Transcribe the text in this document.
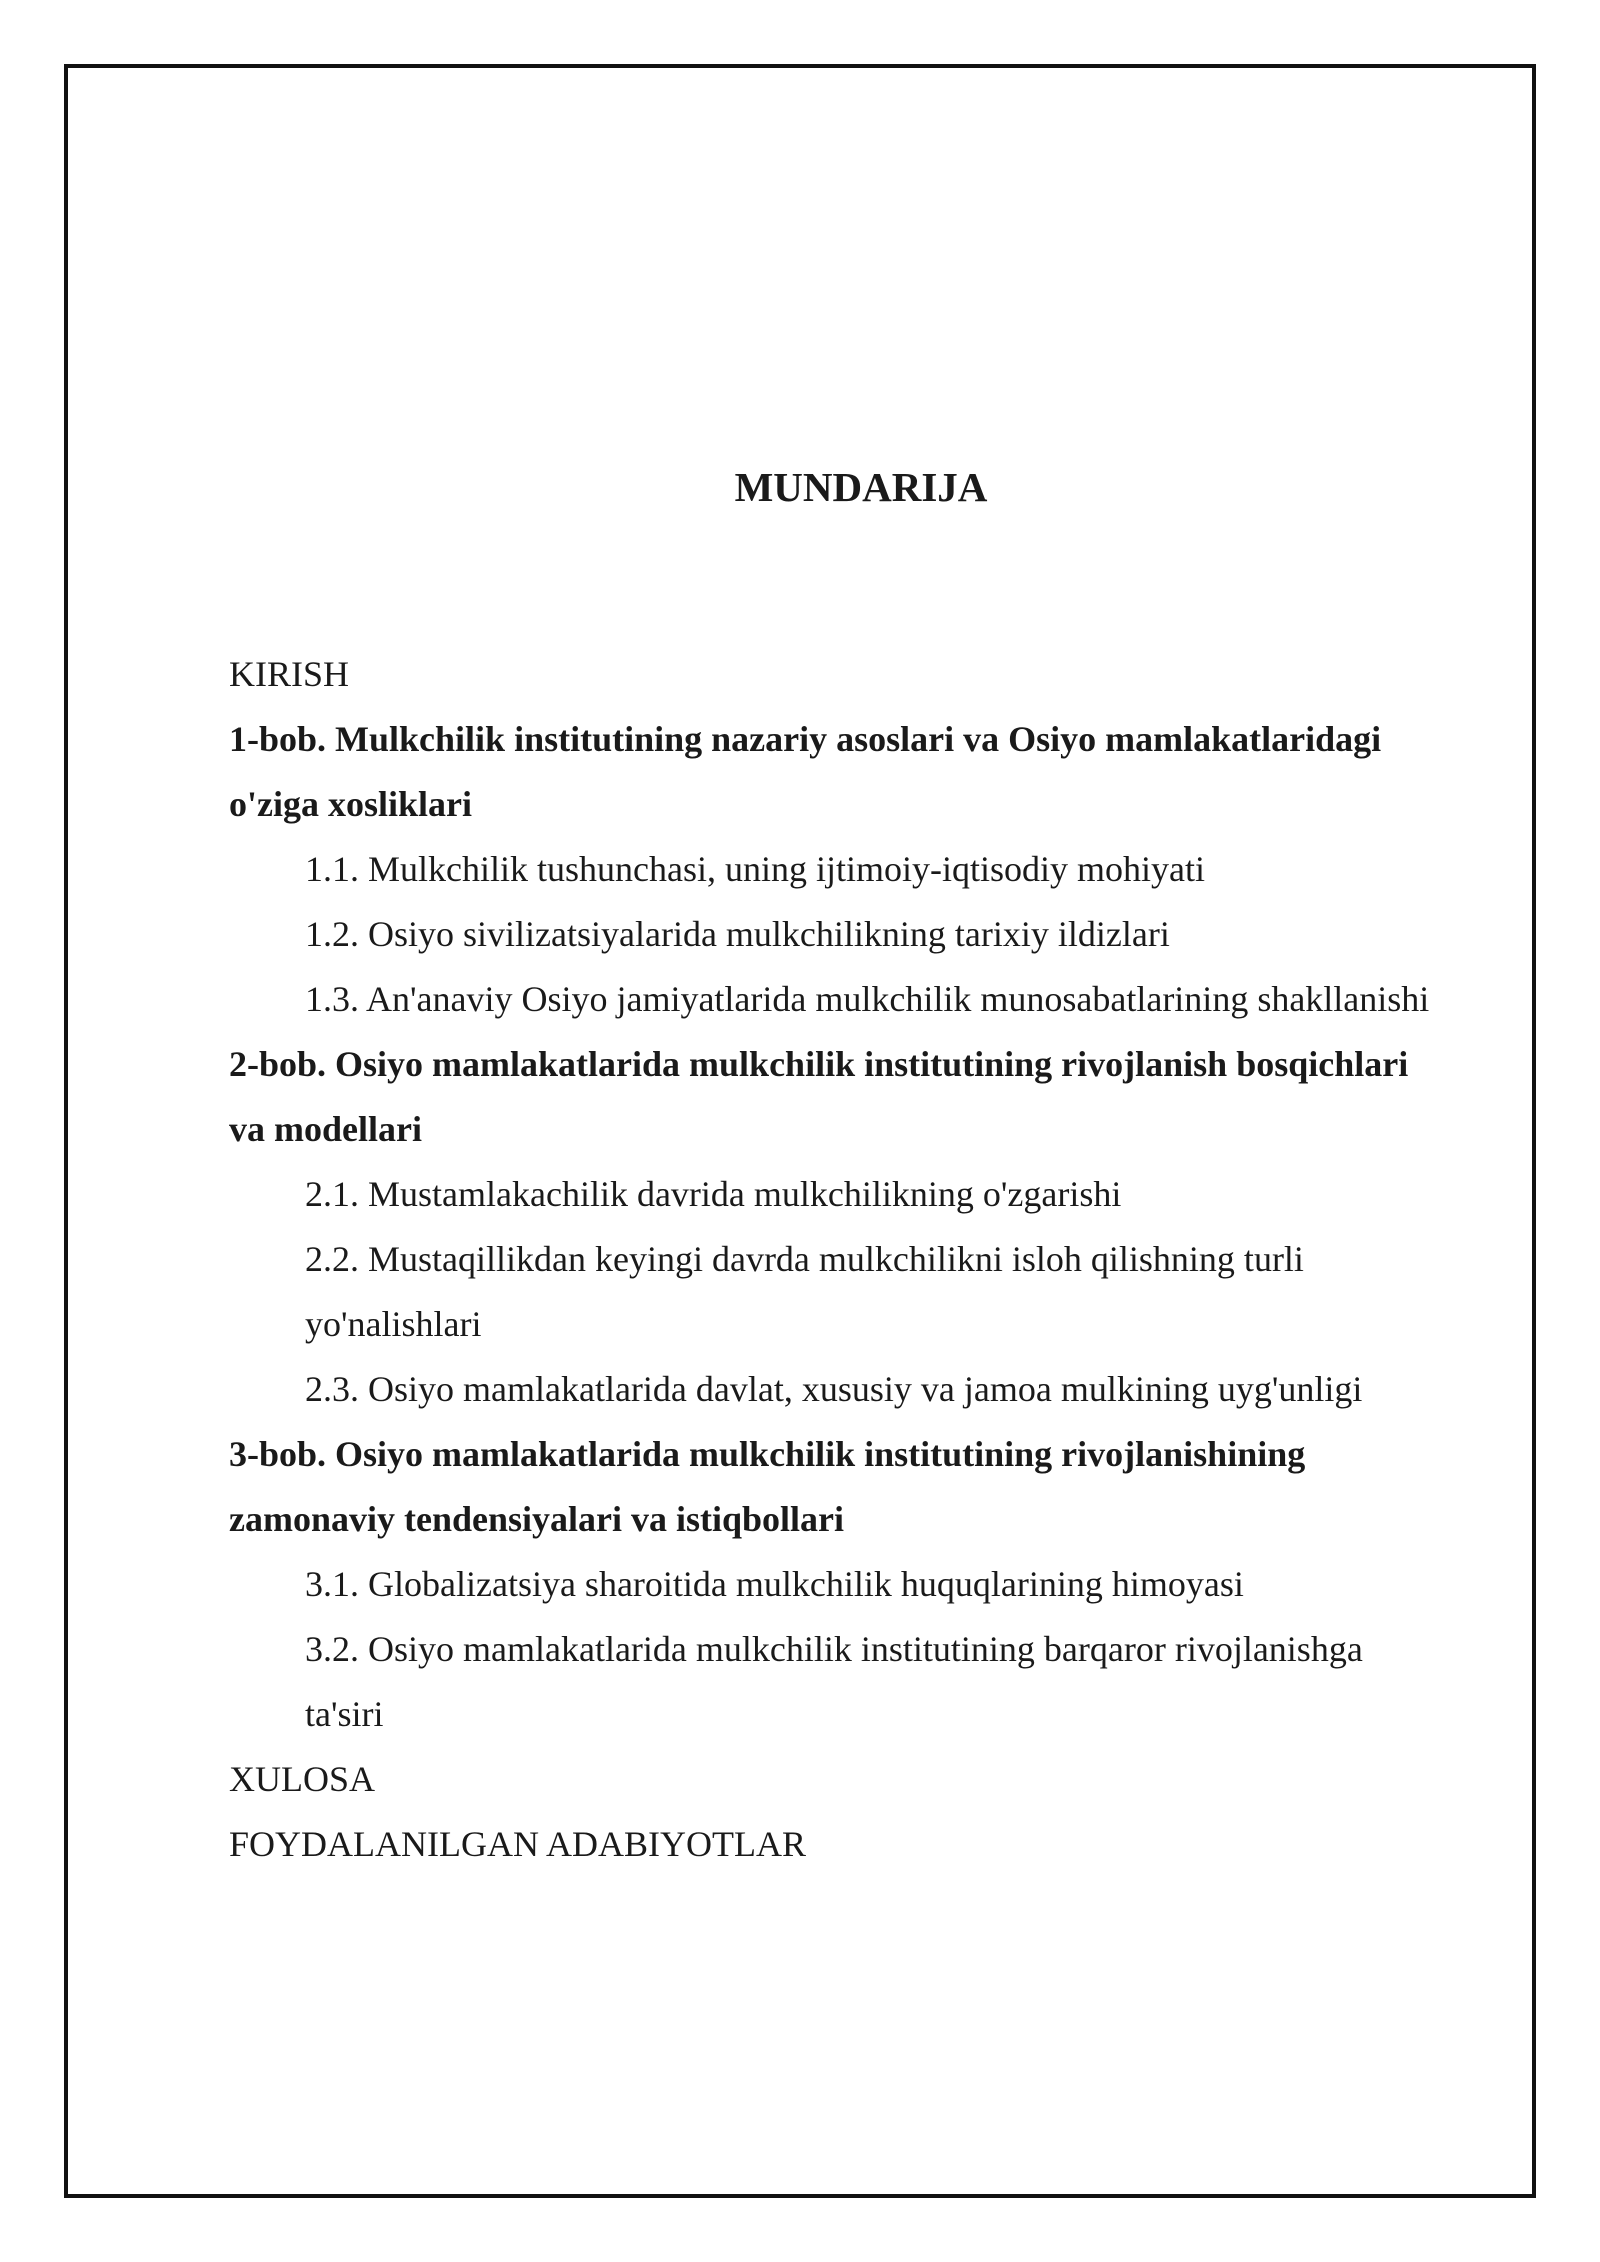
MUNDARIJA
KIRISH
1-bob. Mulkchilik institutining nazariy asoslari va Osiyo mamlakatlaridagi
o'ziga xosliklari
1.1. Mulkchilik tushunchasi, uning ijtimoiy-iqtisodiy mohiyati
1.2. Osiyo sivilizatsiyalarida mulkchilikning tarixiy ildizlari
1.3. An'anaviy Osiyo jamiyatlarida mulkchilik munosabatlarining shakllanishi
2-bob. Osiyo mamlakatlarida mulkchilik institutining rivojlanish bosqichlari
va modellari
2.1. Mustamlakachilik davrida mulkchilikning o'zgarishi
2.2. Mustaqillikdan keyingi davrda mulkchilikni isloh qilishning turli
yo'nalishlari
2.3. Osiyo mamlakatlarida davlat, xususiy va jamoa mulkining uyg'unligi
3-bob. Osiyo mamlakatlarida mulkchilik institutining rivojlanishining
zamonaviy tendensiyalari va istiqbollari
3.1. Globalizatsiya sharoitida mulkchilik huquqlarining himoyasi
3.2. Osiyo mamlakatlarida mulkchilik institutining barqaror rivojlanishga
ta'siri
XULOSA
FOYDALANILGAN ADABIYOTLAR
